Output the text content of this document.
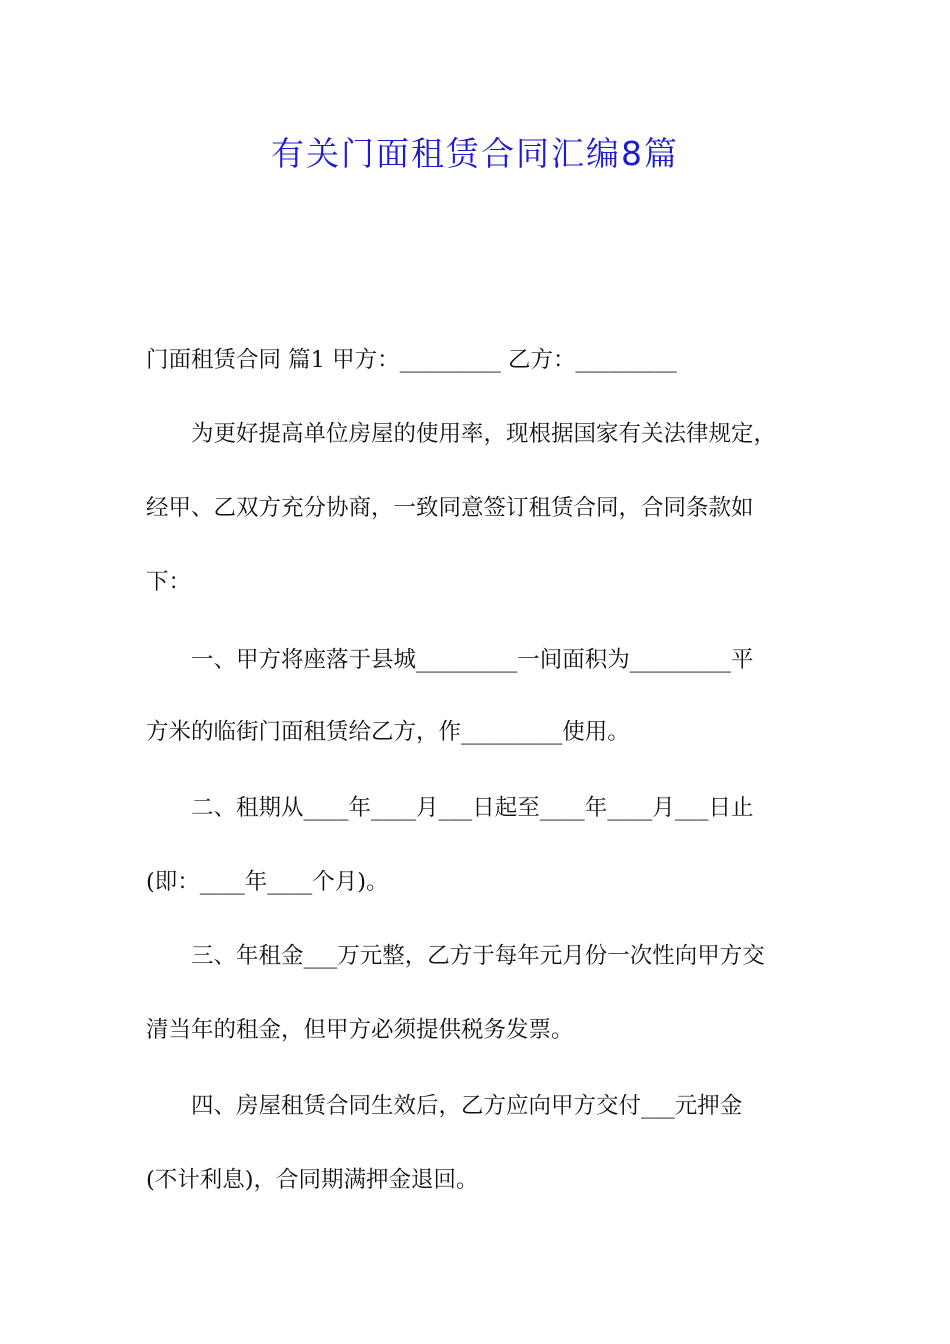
有关门面租赁合同汇编8篇

门面租赁合同 篇1 甲方：_________ 乙方：_________

　　为更好提高单位房屋的使用率，现根据国家有关法律规定，

经甲、乙双方充分协商，一致同意签订租赁合同，合同条款如

下：

　　一、甲方将座落于县城_________一间面积为_________平

方米的临街门面租赁给乙方，作_________使用。

　　二、租期从____年____月___日起至____年____月___日止

(即：____年____个月)。

　　三、年租金___万元整，乙方于每年元月份一次性向甲方交

清当年的租金，但甲方必须提供税务发票。

　　四、房屋租赁合同生效后，乙方应向甲方交付___元押金

(不计利息)，合同期满押金退回。
